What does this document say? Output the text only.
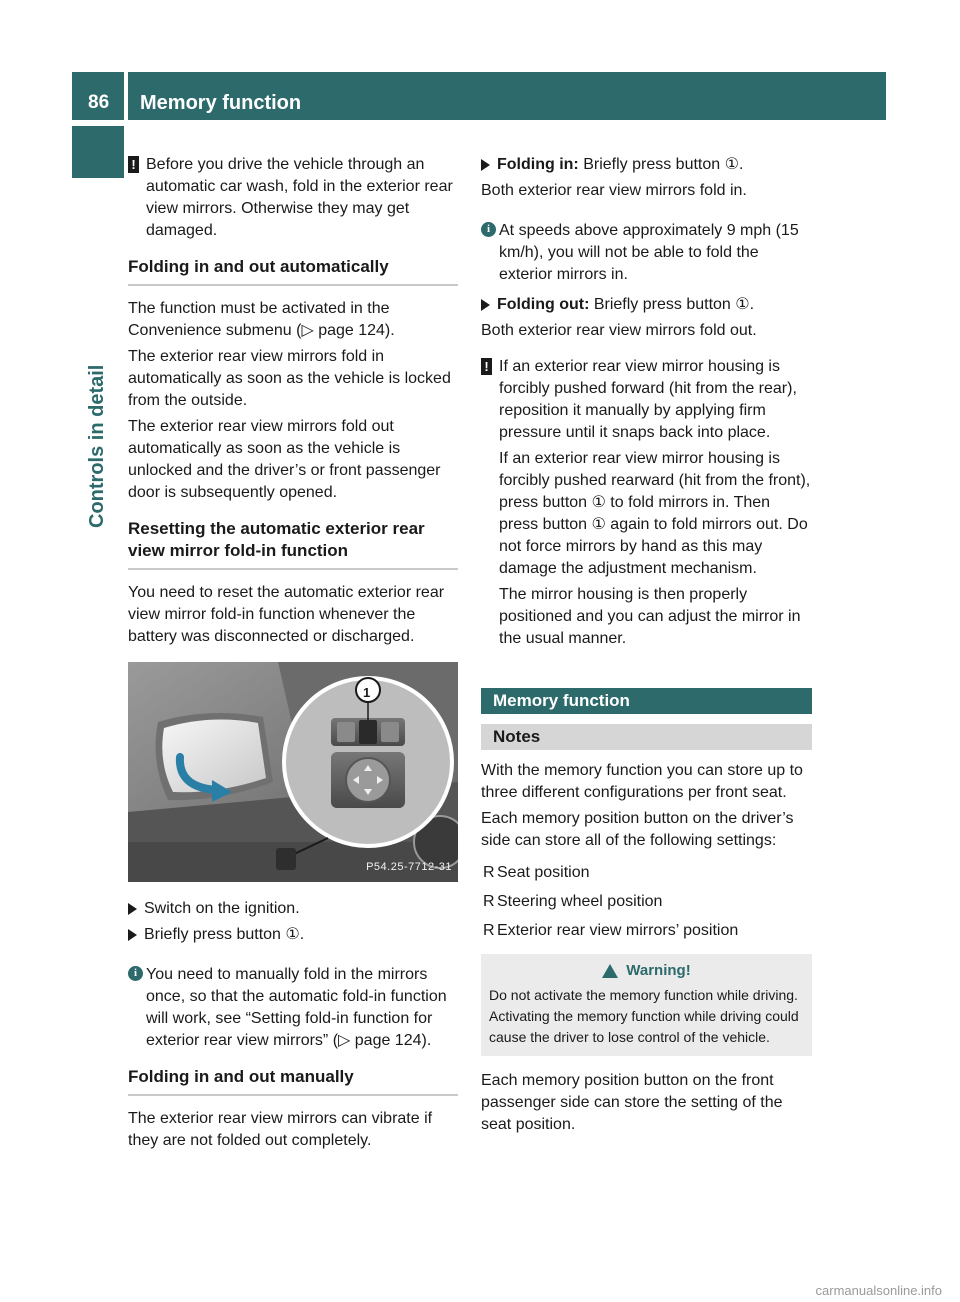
86 Memory function
Controls in detail
! Before you drive the vehicle through an automatic car wash, fold in the exterior rear view mirrors. Otherwise they may get damaged.
Folding in and out automatically

The function must be activated in the Convenience submenu (▷ page 124).

The exterior rear view mirrors fold in automatically as soon as the vehicle is locked from the outside.

The exterior rear view mirrors fold out automatically as soon as the vehicle is unlocked and the driver’s or front passenger door is subsequently opened.

Resetting the automatic exterior rear view mirror fold-in function

You need to reset the automatic exterior rear view mirror fold-in function whenever the battery was disconnected or discharged.

1
P54.25-7712-31
Switch on the ignition.
Briefly press button ①.
i You need to manually fold in the mirrors once, so that the automatic fold-in function will work, see “Setting fold-in function for exterior rear view mirrors” (▷ page 124).
Folding in and out manually

The exterior rear view mirrors can vibrate if they are not folded out completely.

Folding in: Briefly press button ①.

Both exterior rear view mirrors fold in.

i At speeds above approximately 9 mph (15 km/h), you will not be able to fold the exterior mirrors in.
Folding out: Briefly press button ①.

Both exterior rear view mirrors fold out.

! If an exterior rear view mirror housing is forcibly pushed forward (hit from the rear), reposition it manually by applying firm pressure until it snaps back into place.

If an exterior rear view mirror housing is forcibly pushed rearward (hit from the front), press button ① to fold mirrors in. Then press button ① again to fold mirrors out. Do not force mirrors by hand as this may damage the adjustment mechanism.

The mirror housing is then properly positioned and you can adjust the mirror in the usual manner.

Memory function
Notes

With the memory function you can store up to three different configurations per front seat.

Each memory position button on the driver’s side can store all of the following settings:

R Seat position
R Steering wheel position
R Exterior rear view mirrors’ position
Warning!
Do not activate the memory function while driving. Activating the memory function while driving could cause the driver to lose control of the vehicle.

Each memory position button on the front passenger side can store the setting of the seat position.

carmanualsonline.info
